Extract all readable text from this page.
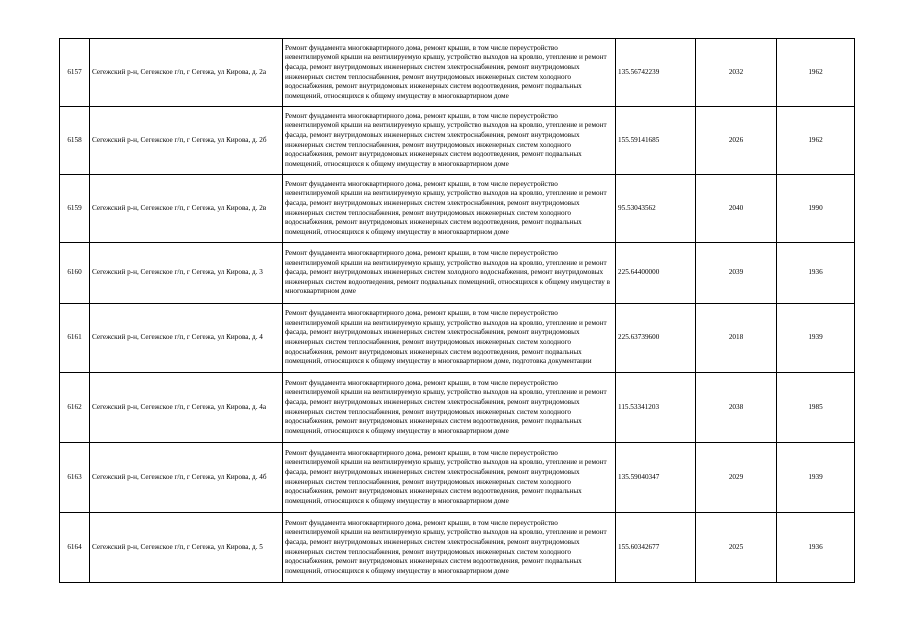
6157	Сегежский р-н, Сегежское г/п, г Сегежа, ул Кирова, д. 2а	Ремонт фундамента многоквартирного дома, ремонт крыши, в том числе переустройство невентилируемой крыши на вентилируемую крышу, устройство выходов на кровлю, утепление и ремонт фасада, ремонт внутридомовых инженерных систем электроснабжения, ремонт внутридомовых инженерных систем теплоснабжения, ремонт внутридомовых инженерных систем холодного водоснабжения, ремонт внутридомовых инженерных систем водоотведения, ремонт подвальных помещений, относящихся к общему имуществу в многоквартирном доме	135.56742239	2032	1962
6158	Сегежский р-н, Сегежское г/п, г Сегежа, ул Кирова, д. 2б	Ремонт фундамента многоквартирного дома, ремонт крыши, в том числе переустройство невентилируемой крыши на вентилируемую крышу, устройство выходов на кровлю, утепление и ремонт фасада, ремонт внутридомовых инженерных систем электроснабжения, ремонт внутридомовых инженерных систем теплоснабжения, ремонт внутридомовых инженерных систем холодного водоснабжения, ремонт внутридомовых инженерных систем водоотведения, ремонт подвальных помещений, относящихся к общему имуществу в многоквартирном доме	155.59141685	2026	1962
6159	Сегежский р-н, Сегежское г/п, г Сегежа, ул Кирова, д. 2в	Ремонт фундамента многоквартирного дома, ремонт крыши, в том числе переустройство невентилируемой крыши на вентилируемую крышу, устройство выходов на кровлю, утепление и ремонт фасада, ремонт внутридомовых инженерных систем электроснабжения, ремонт внутридомовых инженерных систем теплоснабжения, ремонт внутридомовых инженерных систем холодного водоснабжения, ремонт внутридомовых инженерных систем водоотведения, ремонт подвальных помещений, относящихся к общему имуществу в многоквартирном доме	95.53043562	2040	1990
6160	Сегежский р-н, Сегежское г/п, г Сегежа, ул Кирова, д. 3	Ремонт фундамента многоквартирного дома, ремонт крыши, в том числе переустройство невентилируемой крыши на вентилируемую крышу, устройство выходов на кровлю, утепление и ремонт фасада, ремонт внутридомовых инженерных систем холодного водоснабжения, ремонт внутридомовых инженерных систем водоотведения, ремонт подвальных помещений, относящихся к общему имуществу в многоквартирном доме	225.64400000	2039	1936
6161	Сегежский р-н, Сегежское г/п, г Сегежа, ул Кирова, д. 4	Ремонт фундамента многоквартирного дома, ремонт крыши, в том числе переустройство невентилируемой крыши на вентилируемую крышу, устройство выходов на кровлю, утепление и ремонт фасада, ремонт внутридомовых инженерных систем электроснабжения, ремонт внутридомовых инженерных систем теплоснабжения, ремонт внутридомовых инженерных систем холодного водоснабжения, ремонт внутридомовых инженерных систем водоотведения, ремонт подвальных помещений, относящихся к общему имуществу в многоквартирном доме, подготовка документации	225.63739600	2018	1939
6162	Сегежский р-н, Сегежское г/п, г Сегежа, ул Кирова, д. 4а	Ремонт фундамента многоквартирного дома, ремонт крыши, в том числе переустройство невентилируемой крыши на вентилируемую крышу, устройство выходов на кровлю, утепление и ремонт фасада, ремонт внутридомовых инженерных систем электроснабжения, ремонт внутридомовых инженерных систем теплоснабжения, ремонт внутридомовых инженерных систем холодного водоснабжения, ремонт внутридомовых инженерных систем водоотведения, ремонт подвальных помещений, относящихся к общему имуществу в многоквартирном доме	115.53341203	2038	1985
6163	Сегежский р-н, Сегежское г/п, г Сегежа, ул Кирова, д. 4б	Ремонт фундамента многоквартирного дома, ремонт крыши, в том числе переустройство невентилируемой крыши на вентилируемую крышу, устройство выходов на кровлю, утепление и ремонт фасада, ремонт внутридомовых инженерных систем электроснабжения, ремонт внутридомовых инженерных систем теплоснабжения, ремонт внутридомовых инженерных систем холодного водоснабжения, ремонт внутридомовых инженерных систем водоотведения, ремонт подвальных помещений, относящихся к общему имуществу в многоквартирном доме	135.59040347	2029	1939
6164	Сегежский р-н, Сегежское г/п, г Сегежа, ул Кирова, д. 5	Ремонт фундамента многоквартирного дома, ремонт крыши, в том числе переустройство невентилируемой крыши на вентилируемую крышу, устройство выходов на кровлю, утепление и ремонт фасада, ремонт внутридомовых инженерных систем электроснабжения, ремонт внутридомовых инженерных систем теплоснабжения, ремонт внутридомовых инженерных систем холодного водоснабжения, ремонт внутридомовых инженерных систем водоотведения, ремонт подвальных помещений, относящихся к общему имуществу в многоквартирном доме	155.60342677	2025	1936
